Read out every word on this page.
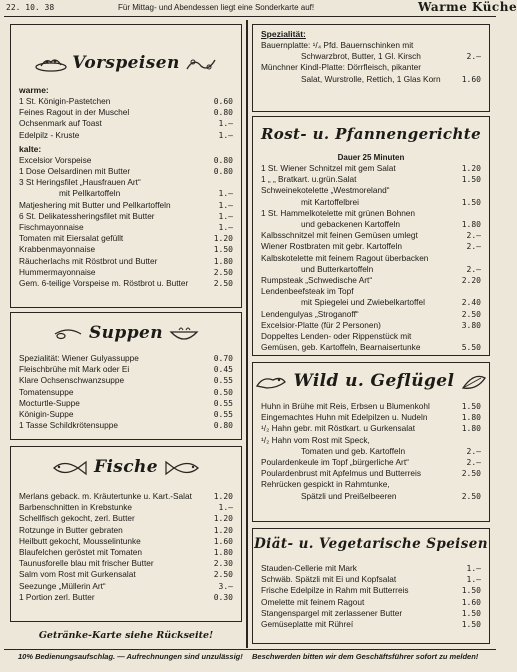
22. 10. 38	Für Mittag- und Abendessen liegt eine Sonderkarte auf!	Warme Küche
Vorspeisen
warme:
1 St. Königin-Pastetchen	0.60
Feines Ragout in der Muschel	0.80
Ochsenmark auf Toast	1.—
Edelpilz - Kruste	1.—
kalte:
Excelsior Vorspeise	0.80
1 Dose Oelsardinen mit Butter	0.80
3 St Heringsfilet „Hausfrauen Art“
mit Pellkartoffeln	1.—
Matjeshering mit Butter und Pellkartoffeln	1.—
6 St. Delikatessheringsfilet mit Butter	1.—
Fischmayonnaise	1.—
Tomaten mit Eiersalat gefüllt	1.20
Krabbenmayonnaise	1.50
Räucherlachs mit Röstbrot und Butter	1.80
Hummermayonnaise	2.50
Gem. 6-teilige Vorspeise m. Röstbrot u. Butter	2.50
Suppen
Spezialität: Wiener Gulyassuppe	0.70
Fleischbrühe mit Mark oder Ei	0.45
Klare Ochsenschwanzsuppe	0.55
Tomatensuppe	0.50
Mocturtle-Suppe	0.55
Königin-Suppe	0.55
1 Tasse Schildkrötensuppe	0.80
Fische
Merlans geback. m. Kräutertunke u. Kart.-Salat	1.20
Barbenschnitten in Krebstunke	1.—
Schellfisch gekocht, zerl. Butter	1.20
Rotzunge in Butter gebraten	1.20
Heilbutt gekocht, Mousselintunke	1.60
Blaufelchen geröstet mit Tomaten	1.80
Taunusforelle blau mit frischer Butter	2.30
Salm vom Rost mit Gurkensalat	2.50
Seezunge „Müllerin Art“	3.—
1 Portion zerl. Butter	0.30
Getränke-Karte siehe Rückseite!
Spezialität:
Bauernplatte: ¹/₄ Pfd. Bauernschinken mit
Schwarzbrot, Butter, 1 Gl. Kirsch	2.—
Münchner Kindl-Platte: Dörrfleisch, pikanter
Salat, Wurstrolle, Rettich, 1 Glas Korn	1.60
Rost- u. Pfannengerichte
Dauer 25 Minuten
1 St. Wiener Schnitzel mit gem Salat	1.20
1 „ „ Bratkart. u.grün.Salat	1.50
Schweinekotelette „Westmoreland“
mit Kartoffelbrei	1.50
1 St. Hammelkotelette mit grünen Bohnen
und gebackenen Kartoffeln	1.80
Kalbsschnitzel mit feinen Gemüsen umlegt	2.—
Wiener Rostbraten mit gebr. Kartoffeln	2.—
Kalbskotelette mit feinem Ragout überbacken
und Butterkartoffeln	2.—
Rumpsteak „Schwedische Art“	2.20
Lendenbeefsteak im Topf
mit Spiegelei und Zwiebelkartoffel	2.40
Lendengulyas „Stroganoff“	2.50
Excelsior-Platte (für 2 Personen)	3.80
Doppeltes Lenden- oder Rippenstück mit
Gemüsen, geb. Kartoffeln, Bearnaisertunke	5.50
Wild u. Geflügel
Huhn in Brühe mit Reis, Erbsen u Blumenkohl	1.50
Eingemachtes Huhn mit Edelpilzen u. Nudeln	1.80
¹/₂ Hahn gebr. mit Röstkart. u Gurkensalat	1.80
¹/₂ Hahn vom Rost mit Speck,
Tomaten und geb. Kartoffeln	2.—
Poulardenkeule im Topf „bürgerliche Art“	2.—
Poulardenbrust mit Apfelmus und Butterreis	2.50
Rehrücken gespickt in Rahmtunke,
Spätzli und Preißelbeeren	2.50
Diät- u. Vegetarische Speisen
Stauden-Cellerie mit Mark	1.—
Schwäb. Spätzli mit Ei und Kopfsalat	1.—
Frische Edelpilze in Rahm mit Butterreis	1.50
Omelette mit feinem Ragout	1.60
Stangenspargel mit zerlassener Butter	1.50
Gemüseplatte mit Rühreí	1.50
10% Bedienungsaufschlag. — Aufrechnungen sind unzulässig! Beschwerden bitten wir dem Geschäftsführer sofort zu melden!
